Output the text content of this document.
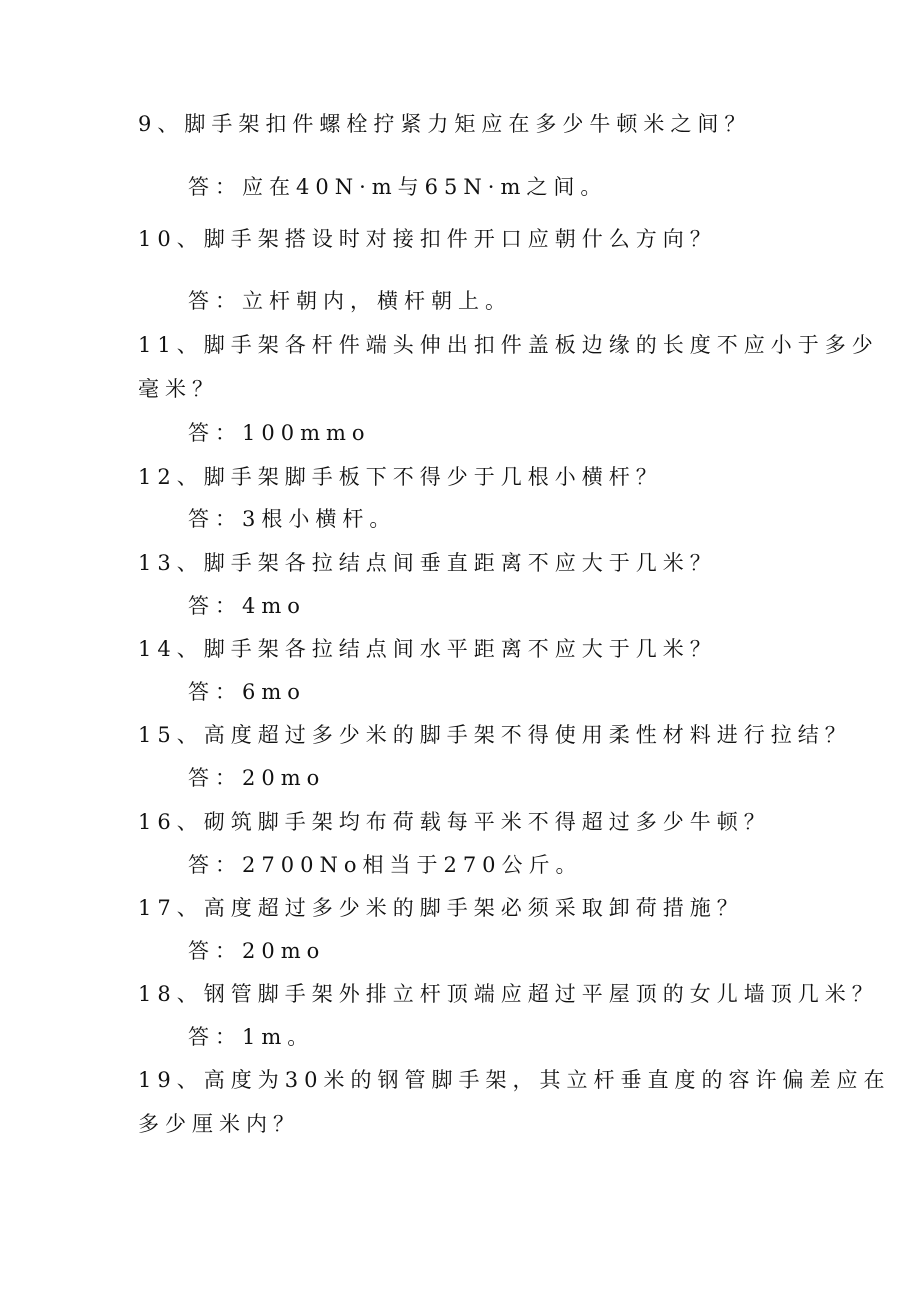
9、脚手架扣件螺栓拧紧力矩应在多少牛顿米之间？
答：应在40N·m与65N·m之间。
10、脚手架搭设时对接扣件开口应朝什么方向？
答：立杆朝内，横杆朝上。
11、脚手架各杆件端头伸出扣件盖板边缘的长度不应小于多少
毫米？
答：100mmo
12、脚手架脚手板下不得少于几根小横杆？
答：3根小横杆。
13、脚手架各拉结点间垂直距离不应大于几米？
答：4mo
14、脚手架各拉结点间水平距离不应大于几米？
答：6mo
15、高度超过多少米的脚手架不得使用柔性材料进行拉结？
答：20mo
16、砌筑脚手架均布荷载每平米不得超过多少牛顿？
答：2700No相当于270公斤。
17、高度超过多少米的脚手架必须采取卸荷措施？
答：20mo
18、钢管脚手架外排立杆顶端应超过平屋顶的女儿墙顶几米？
答：1m。
19、高度为30米的钢管脚手架，其立杆垂直度的容许偏差应在
多少厘米内？
